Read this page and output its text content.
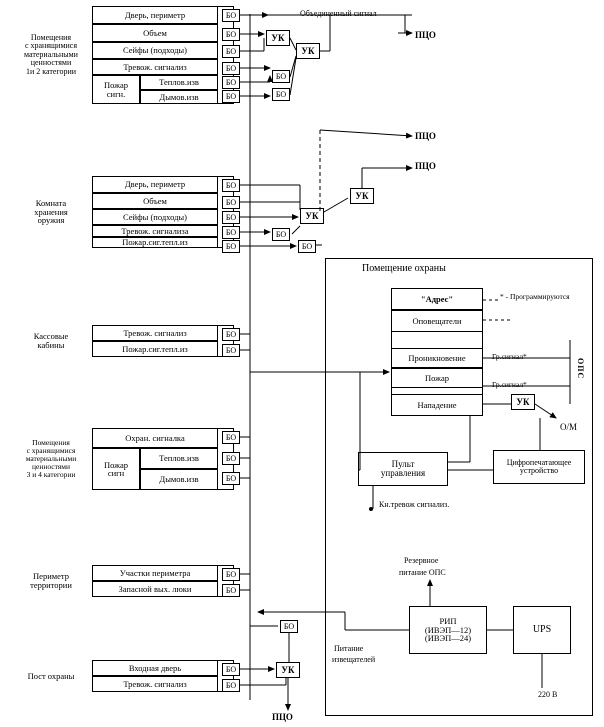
Помещения
с хранящимися
материальными
ценностями
1и 2 категории
Дверь, периметр
Объем
Сейфы (подходы)
Тревож. сигнализ
Пожар
сигн.
Теплов.изв
Дымов.изв
БО
БО
БО
БО
БО
БО
УК
УК
БО
БО
Объединенный сигнал
ПЦО
Комната
хранения
оружия
Дверь, периметр
Объем
Сейфы (подходы)
Тревож. сигнализа
Пожар.сиг.тепл.из
БО
БО
БО
БО
БО
БО
БО
УК
УК
ПЦО
ПЦО
Кассовые
кабины
Тревож. сигнализ
Пожар.сиг.тепл.из
БО
БО
Помещения
с хранящимися
материальными
ценностями
3 и 4 категории
Охран. сигналка
Пожар
сигн
Теплов.изв
Дымов.изв
БО
БО
БО
Периметр
территории
Участки периметра
Запасной вых. люки
БО
БО
БО
Пост охраны
Входная дверь
Тревож. сигнализ
БО
БО
УК
ПЦО
Помещение охраны
"Адрес"
Оповещатели
Проникновение
Пожар
Нападение
* - Программируются
Гр.сигнал*
Гр.сигнал*
ОПС
О/М
УК
Пульт
управления
Цифропечатающее
устройство
Кн.тревож сигнализ.
Резервное
питание ОПС
РИП
(ИВЭП—12)
(ИВЭП—24)
UPS
220 В
Питание
извещателей
